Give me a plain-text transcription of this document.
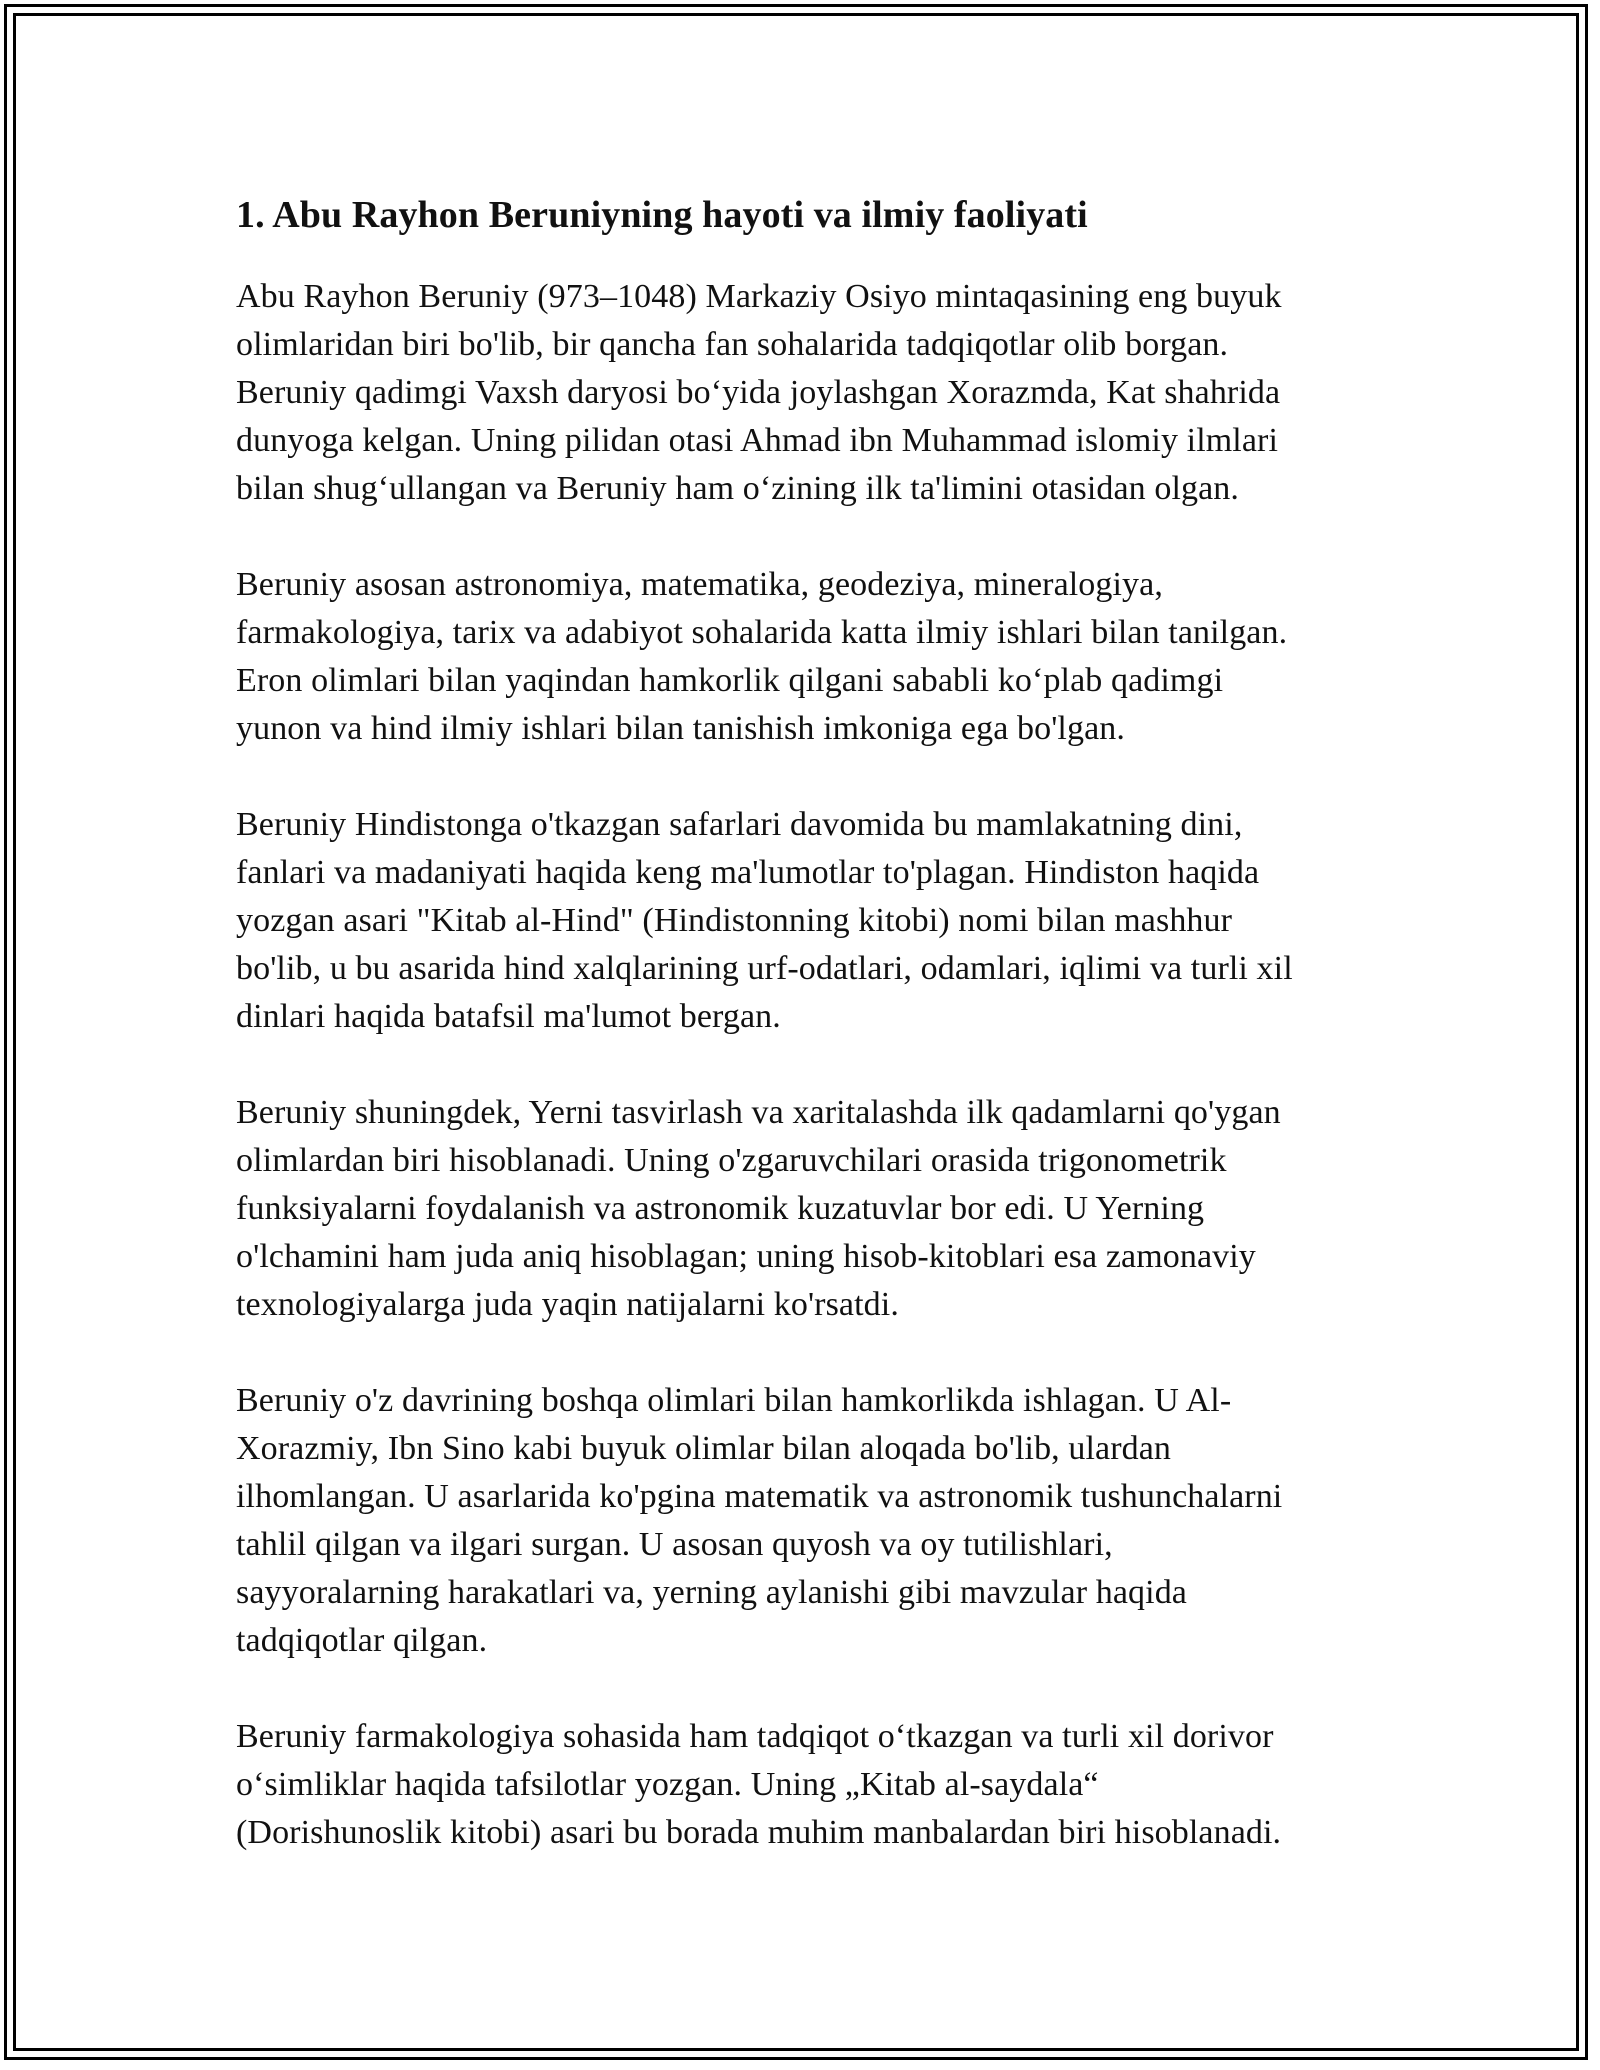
1. Abu Rayhon Beruniyning hayoti va ilmiy faoliyati

Abu Rayhon Beruniy (973–1048) Markaziy Osiyo mintaqasining eng buyuk
olimlaridan biri bo'lib, bir qancha fan sohalarida tadqiqotlar olib borgan.
Beruniy qadimgi Vaxsh daryosi bo‘yida joylashgan Xorazmda, Kat shahrida
dunyoga kelgan. Uning pilidan otasi Ahmad ibn Muhammad islomiy ilmlari
bilan shug‘ullangan va Beruniy ham o‘zining ilk ta'limini otasidan olgan.

Beruniy asosan astronomiya, matematika, geodeziya, mineralogiya,
farmakologiya, tarix va adabiyot sohalarida katta ilmiy ishlari bilan tanilgan.
Eron olimlari bilan yaqindan hamkorlik qilgani sababli ko‘plab qadimgi
yunon va hind ilmiy ishlari bilan tanishish imkoniga ega bo'lgan.

Beruniy Hindistonga o'tkazgan safarlari davomida bu mamlakatning dini,
fanlari va madaniyati haqida keng ma'lumotlar to'plagan. Hindiston haqida
yozgan asari "Kitab al-Hind" (Hindistonning kitobi) nomi bilan mashhur
bo'lib, u bu asarida hind xalqlarining urf-odatlari, odamlari, iqlimi va turli xil
dinlari haqida batafsil ma'lumot bergan.

Beruniy shuningdek, Yerni tasvirlash va xaritalashda ilk qadamlarni qo'ygan
olimlardan biri hisoblanadi. Uning o'zgaruvchilari orasida trigonometrik
funksiyalarni foydalanish va astronomik kuzatuvlar bor edi. U Yerning
o'lchamini ham juda aniq hisoblagan; uning hisob-kitoblari esa zamonaviy
texnologiyalarga juda yaqin natijalarni ko'rsatdi.

Beruniy o'z davrining boshqa olimlari bilan hamkorlikda ishlagan. U Al-
Xorazmiy, Ibn Sino kabi buyuk olimlar bilan aloqada bo'lib, ulardan
ilhomlangan. U asarlarida ko'pgina matematik va astronomik tushunchalarni
tahlil qilgan va ilgari surgan. U asosan quyosh va oy tutilishlari,
sayyoralarning harakatlari va, yerning aylanishi gibi mavzular haqida
tadqiqotlar qilgan.

Beruniy farmakologiya sohasida ham tadqiqot o‘tkazgan va turli xil dorivor
o‘simliklar haqida tafsilotlar yozgan. Uning „Kitab al-saydala“
(Dorishunoslik kitobi) asari bu borada muhim manbalardan biri hisoblanadi.
